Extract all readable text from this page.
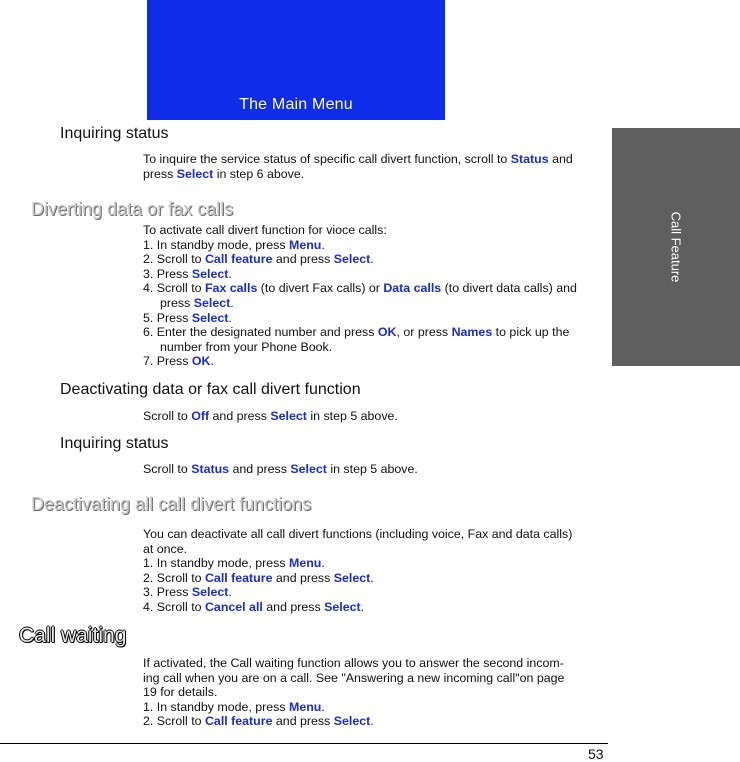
The Main Menu
Call Feature
Inquiring status
To inquire the service status of specific call divert function, scroll to Status and
press Select in step 6 above.
Diverting data or fax calls
To activate call divert function for vioce calls:
1. In standby mode, press Menu.
2. Scroll to Call feature and press Select.
3. Press Select.
4. Scroll to Fax calls (to divert Fax calls) or Data calls (to divert data calls) and
press Select.
5. Press Select.
6. Enter the designated number and press OK, or press Names to pick up the
number from your Phone Book.
7. Press OK.
Deactivating data or fax call divert function
Scroll to Off and press Select in step 5 above.
Inquiring status
Scroll to Status and press Select in step 5 above.
Deactivating all call divert functions
You can deactivate all call divert functions (including voice, Fax and data calls)
at once.
1. In standby mode, press Menu.
2. Scroll to Call feature and press Select.
3. Press Select.
4. Scroll to Cancel all and press Select.
Call waiting
If activated, the Call waiting function allows you to answer the second incom-
ing call when you are on a call. See "Answering a new incoming call"on page
19 for details.
1. In standby mode, press Menu.
2. Scroll to Call feature and press Select.
53
